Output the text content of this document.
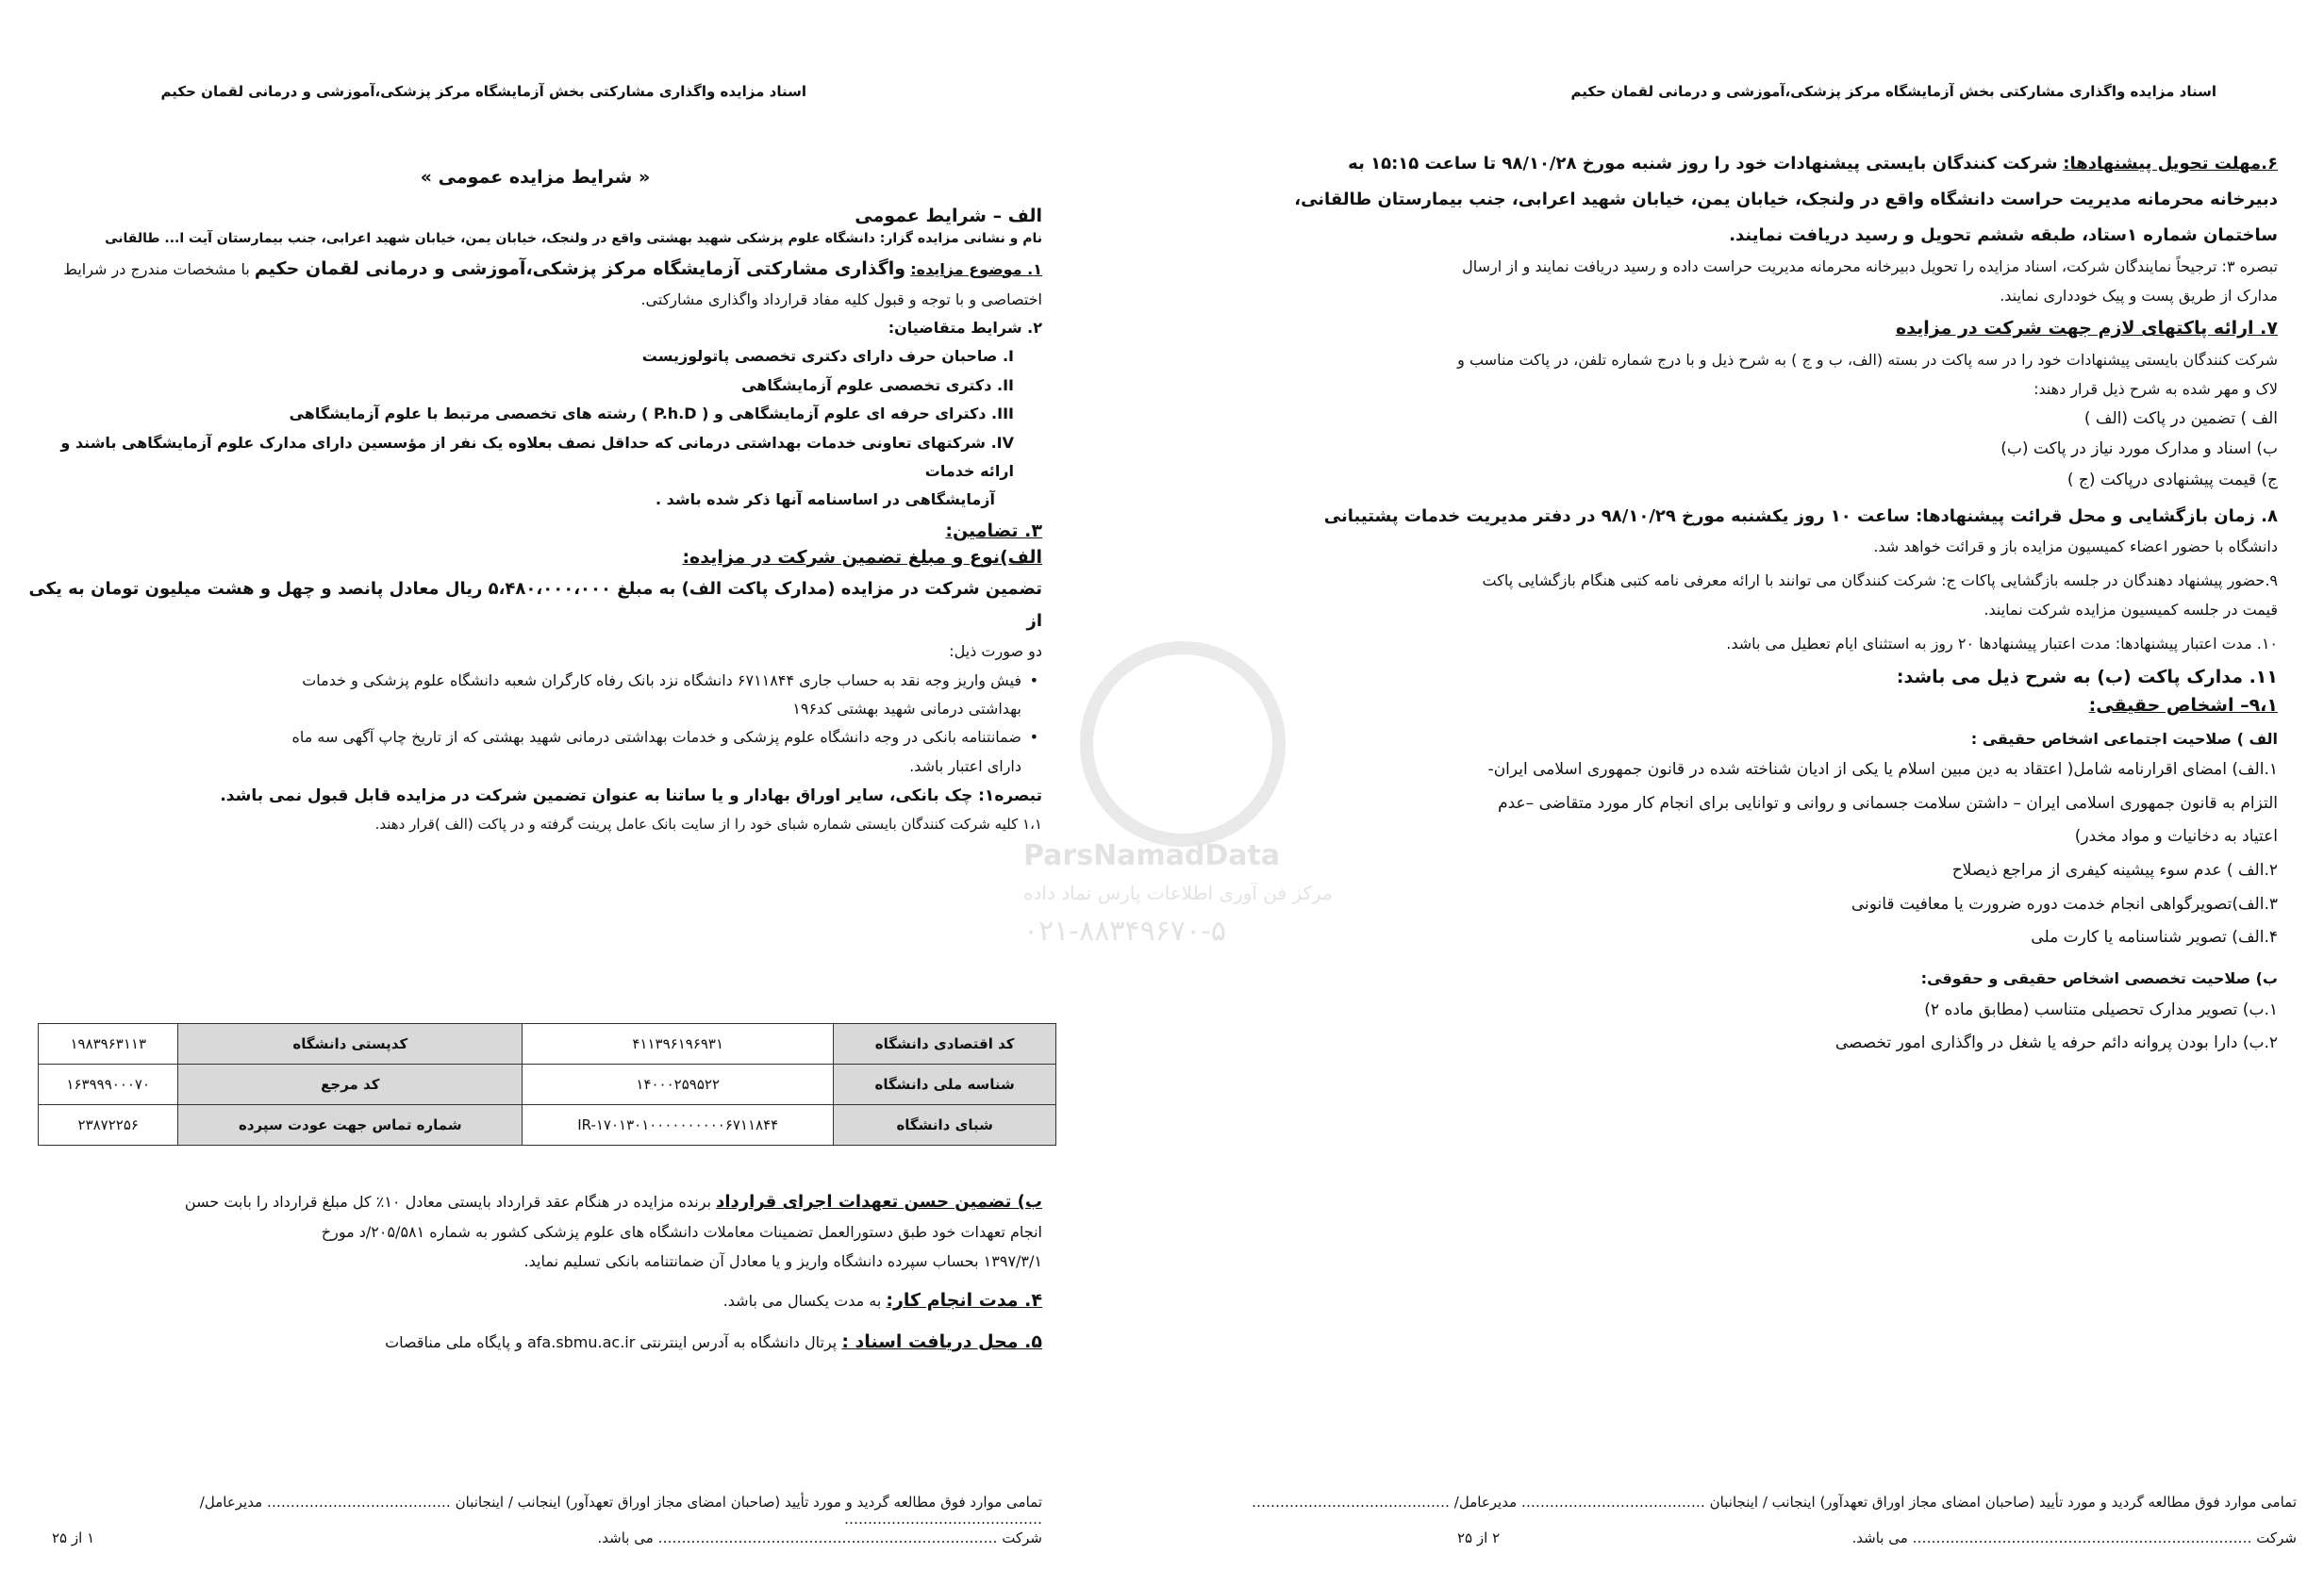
اسناد مزایده واگذاری مشارکتی بخش آزمایشگاه مرکز پزشکی،آموزشی و درمانی لقمان حکیم

« شرایط مزایده عمومی »

الف – شرایط عمومی

نام و نشانی مزایده گزار: دانشگاه علوم پزشکی شهید بهشتی واقع در ولنجک، خیابان یمن، خیابان شهید اعرابی، جنب بیمارستان آیت ا... طالقانی

۱. موضوع مزایده: واگذاری مشارکتی آزمایشگاه مرکز پزشکی،آموزشی و درمانی لقمان حکیم با مشخصات مندرج در شرایط

اختصاصی و با توجه و قبول کلیه مفاد قرارداد واگذاری مشارکتی.

۲. شرایط متقاضیان:

I. صاحبان حرف دارای دکتری تخصصی پاتولوزیست

II. دکتری تخصصی علوم آزمایشگاهی

III. دکترای حرفه ای علوم آزمایشگاهی و ( P.h.D ) رشته های تخصصی مرتبط با علوم آزمایشگاهی

IV. شرکتهای تعاونی خدمات بهداشتی درمانی که حداقل نصف بعلاوه یک نفر از مؤسسین دارای مدارک علوم آزمایشگاهی باشند و ارائه خدمات

آزمایشگاهی در اساسنامه آنها ذکر شده باشد .

۳. تضامین:

الف)نوع و مبلغ تضمین شرکت در مزایده:

تضمین شرکت در مزایده (مدارک پاکت الف) به مبلغ ۵،۴۸۰،۰۰۰،۰۰۰ ریال معادل پانصد و چهل و هشت میلیون تومان به یکی از

دو صورت ذیل:

• فیش واریز وجه نقد به حساب جاری ۶۷۱۱۸۴۴ دانشگاه نزد بانک رفاه کارگران شعبه دانشگاه علوم پزشکی و خدمات

بهداشتی درمانی شهید بهشتی کد۱۹۶

• ضمانتنامه بانکی در وجه دانشگاه علوم پزشکی و خدمات بهداشتی درمانی شهید بهشتی که از تاریخ چاپ آگهی سه ماه

دارای اعتبار باشد.

تبصره۱: چک بانکی، سایر اوراق بهادار و یا ساتنا به عنوان تضمین شرکت در مزایده قابل قبول نمی باشد.

۱،۱ کلیه شرکت کنندگان بایستی شماره شبای خود را از سایت بانک عامل پرینت گرفته و در پاکت (الف )قرار دهند.

کد اقتصادی دانشگاه	۴۱۱۳۹۶۱۹۶۹۳۱	کدپستی دانشگاه	۱۹۸۳۹۶۳۱۱۳
شناسه ملی دانشگاه	۱۴۰۰۰۲۵۹۵۲۲	کد مرجع	۱۶۳۹۹۹۰۰۰۷۰
شبای دانشگاه	IR-۱۷۰۱۳۰۱۰۰۰۰۰۰۰۰۰۰۶۷۱۱۸۴۴	شماره تماس جهت عودت سپرده	۲۳۸۷۲۲۵۶

ب) تضمین حسن تعهدات اجرای قرارداد برنده مزایده در هنگام عقد قرارداد بایستی معادل ۱۰٪ کل مبلغ قرارداد را بابت حسن

انجام تعهدات خود طبق دستورالعمل تضمینات معاملات دانشگاه های علوم پزشکی کشور به شماره ۲۰۵/۵۸۱/د مورخ

۱۳۹۷/۳/۱ بحساب سپرده دانشگاه واریز و یا معادل آن ضمانتنامه بانکی تسلیم نماید.

۴. مدت انجام کار: به مدت یکسال می باشد.

۵. محل دریافت اسناد : پرتال دانشگاه به آدرس اینترنتی afa.sbmu.ac.ir و پایگاه ملی مناقصات

تمامی موارد فوق مطالعه گردید و مورد تأیید (صاحبان امضای مجاز اوراق تعهدآور) اینجانب / اینجانبان ………………………………… مدیرعامل/ ……………………………………
شرکت ……………………………………………………………… می باشد.
۱ از ۲۵
اسناد مزایده واگذاری مشارکتی بخش آزمایشگاه مرکز پزشکی،آموزشی و درمانی لقمان حکیم

۶.مهلت تحویل پیشنهادها: شرکت کنندگان بایستی پیشنهادات خود را روز شنبه مورخ ۹۸/۱۰/۲۸ تا ساعت ۱۵:۱۵ به

دبیرخانه محرمانه مدیریت حراست دانشگاه واقع در ولنجک، خیابان یمن، خیابان شهید اعرابی، جنب بیمارستان طالقانی،

ساختمان شماره ۱ستاد، طبقه ششم تحویل و رسید دریافت نمایند.

تبصره ۳: ترجیحاً نمایندگان شرکت، اسناد مزایده را تحویل دبیرخانه محرمانه مدیریت حراست داده و رسید دریافت نمایند و از ارسال

مدارک از طریق پست و پیک خودداری نمایند.

۷. ارائه پاکتهای لازم جهت شرکت در مزایده

شرکت کنندگان بایستی پیشنهادات خود را در سه پاکت در بسته (الف، ب و ج ) به شرح ذیل و با درج شماره تلفن، در پاکت مناسب و

لاک و مهر شده به شرح ذیل قرار دهند:

الف ) تضمین در پاکت (الف )

ب) اسناد و مدارک مورد نیاز در پاکت (ب)

ج) قیمت پیشنهادی درپاکت (ج )

۸. زمان بازگشایی و محل قرائت پیشنهادها: ساعت ۱۰ روز یکشنبه مورخ ۹۸/۱۰/۲۹ در دفتر مدیریت خدمات پشتیبانی

دانشگاه با حضور اعضاء کمیسیون مزایده باز و قرائت خواهد شد.

۹.حضور پیشنهاد دهندگان در جلسه بازگشایی پاکات ج: شرکت کنندگان می توانند با ارائه معرفی نامه کتبی هنگام بازگشایی پاکت

قیمت در جلسه کمیسیون مزایده شرکت نمایند.

۱۰. مدت اعتبار پیشنهادها: مدت اعتبار پیشنهادها ۲۰ روز به استثنای ایام تعطیل می باشد.

۱۱. مدارک پاکت (ب) به شرح ذیل می باشد:

۹،۱– اشخاص حقیقی:

الف ) صلاحیت اجتماعی اشخاص حقیقی :

۱.الف) امضای اقرارنامه شامل( اعتقاد به دین مبین اسلام یا یکی از ادیان شناخته شده در قانون جمهوری اسلامی ایران-

التزام به قانون جمهوری اسلامی ایران – داشتن سلامت جسمانی و روانی و توانایی برای انجام کار مورد متقاضی –عدم

اعتیاد به دخانیات و مواد مخدر)

۲.الف ) عدم سوء پیشینه کیفری از مراجع ذیصلاح

۳.الف)تصویرگواهی انجام خدمت دوره ضرورت یا معافیت قانونی

۴.الف) تصویر شناسنامه یا کارت ملی

ب) صلاحیت تخصصی اشخاص حقیقی و حقوقی:

۱.ب) تصویر مدارک تحصیلی متناسب (مطابق ماده ۲)

۲.ب) دارا بودن پروانه دائم حرفه یا شغل در واگذاری امور تخصصی

تمامی موارد فوق مطالعه گردید و مورد تأیید (صاحبان امضای مجاز اوراق تعهدآور) اینجانب / اینجانبان ………………………………… مدیرعامل/ ……………………………………
شرکت ……………………………………………………………… می باشد.
۲ از ۲۵
ParsNamadData
مرکز فن آوری اطلاعات پارس نماد داده
۰۲۱-۸۸۳۴۹۶۷۰-۵
